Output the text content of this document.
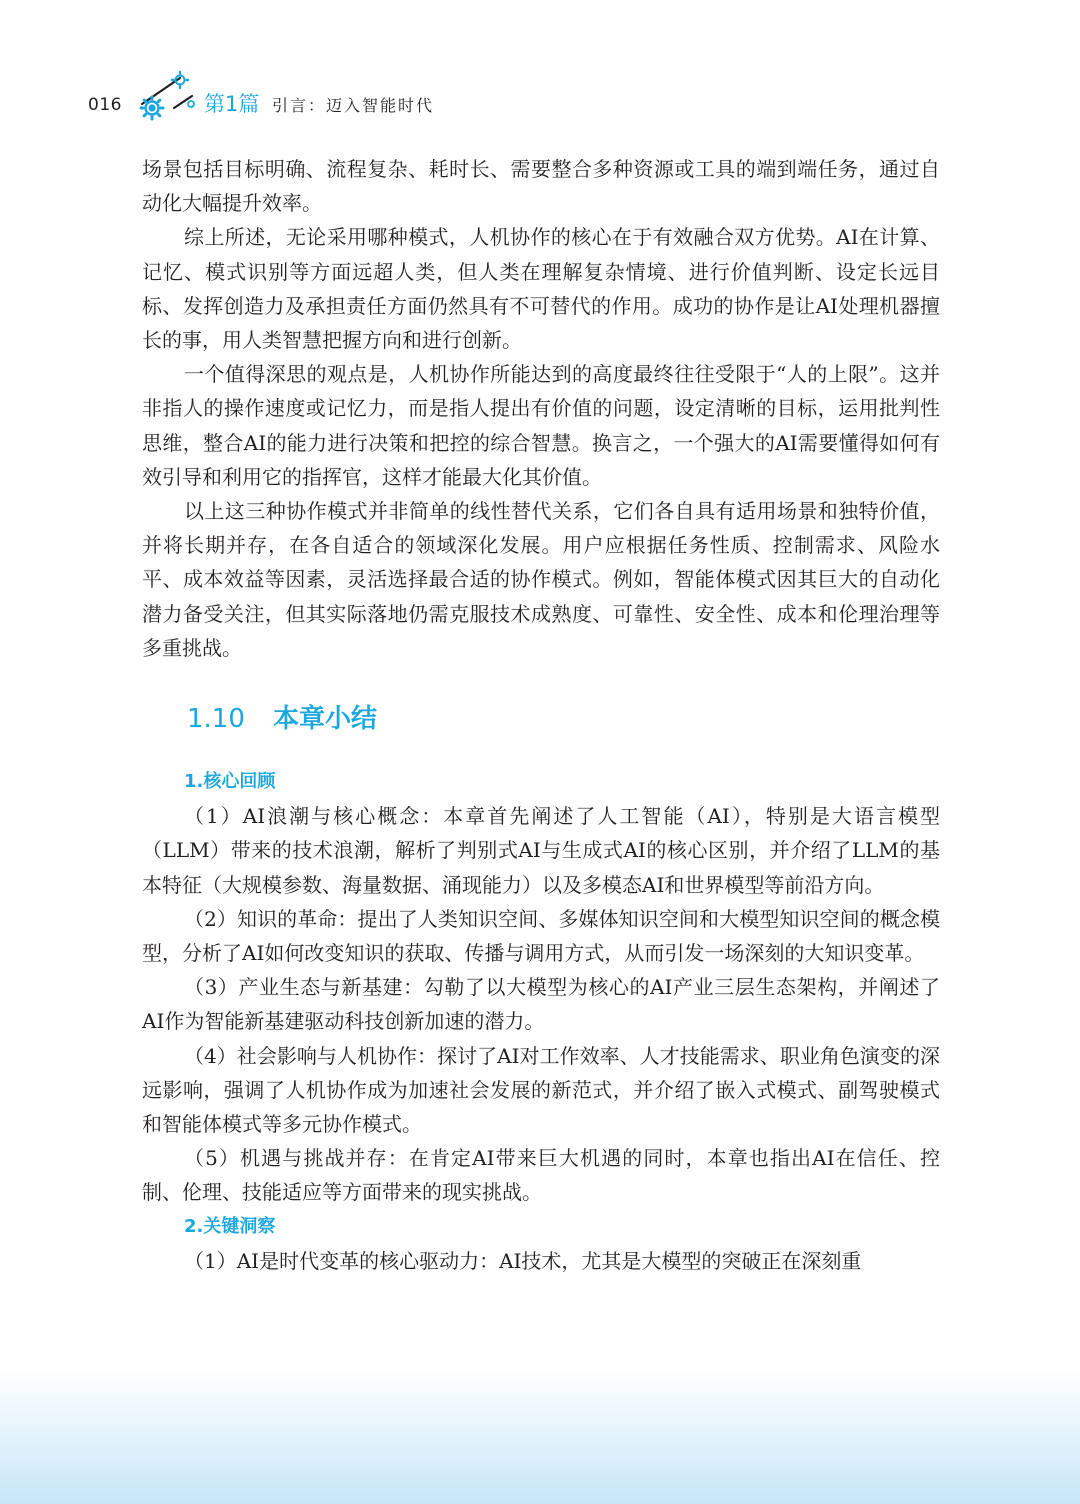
016	第1篇 引言：迈入智能时代

场景包括目标明确、流程复杂、耗时长、需要整合多种资源或工具的端到端任务，通过自动化大幅提升效率。

综上所述，无论采用哪种模式，人机协作的核心在于有效融合双方优势。AI在计算、记忆、模式识别等方面远超人类，但人类在理解复杂情境、进行价值判断、设定长远目标、发挥创造力及承担责任方面仍然具有不可替代的作用。成功的协作是让AI处理机器擅长的事，用人类智慧把握方向和进行创新。

一个值得深思的观点是，人机协作所能达到的高度最终往往受限于“人的上限”。这并非指人的操作速度或记忆力，而是指人提出有价值的问题，设定清晰的目标，运用批判性思维，整合AI的能力进行决策和把控的综合智慧。换言之，一个强大的AI需要懂得如何有效引导和利用它的指挥官，这样才能最大化其价值。

以上这三种协作模式并非简单的线性替代关系，它们各自具有适用场景和独特价值，并将长期并存，在各自适合的领域深化发展。用户应根据任务性质、控制需求、风险水平、成本效益等因素，灵活选择最合适的协作模式。例如，智能体模式因其巨大的自动化潜力备受关注，但其实际落地仍需克服技术成熟度、可靠性、安全性、成本和伦理治理等多重挑战。

1.10 本章小结
1.核心回顾

（1）AI浪潮与核心概念：本章首先阐述了人工智能（AI），特别是大语言模型（LLM）带来的技术浪潮，解析了判别式AI与生成式AI的核心区别，并介绍了LLM的基本特征（大规模参数、海量数据、涌现能力）以及多模态AI和世界模型等前沿方向。

（2）知识的革命：提出了人类知识空间、多媒体知识空间和大模型知识空间的概念模型，分析了AI如何改变知识的获取、传播与调用方式，从而引发一场深刻的大知识变革。

（3）产业生态与新基建：勾勒了以大模型为核心的AI产业三层生态架构，并阐述了AI作为智能新基建驱动科技创新加速的潜力。

（4）社会影响与人机协作：探讨了AI对工作效率、人才技能需求、职业角色演变的深远影响，强调了人机协作成为加速社会发展的新范式，并介绍了嵌入式模式、副驾驶模式和智能体模式等多元协作模式。

（5）机遇与挑战并存：在肯定AI带来巨大机遇的同时，本章也指出AI在信任、控制、伦理、技能适应等方面带来的现实挑战。

2.关键洞察

（1）AI是时代变革的核心驱动力：AI技术，尤其是大模型的突破正在深刻重
